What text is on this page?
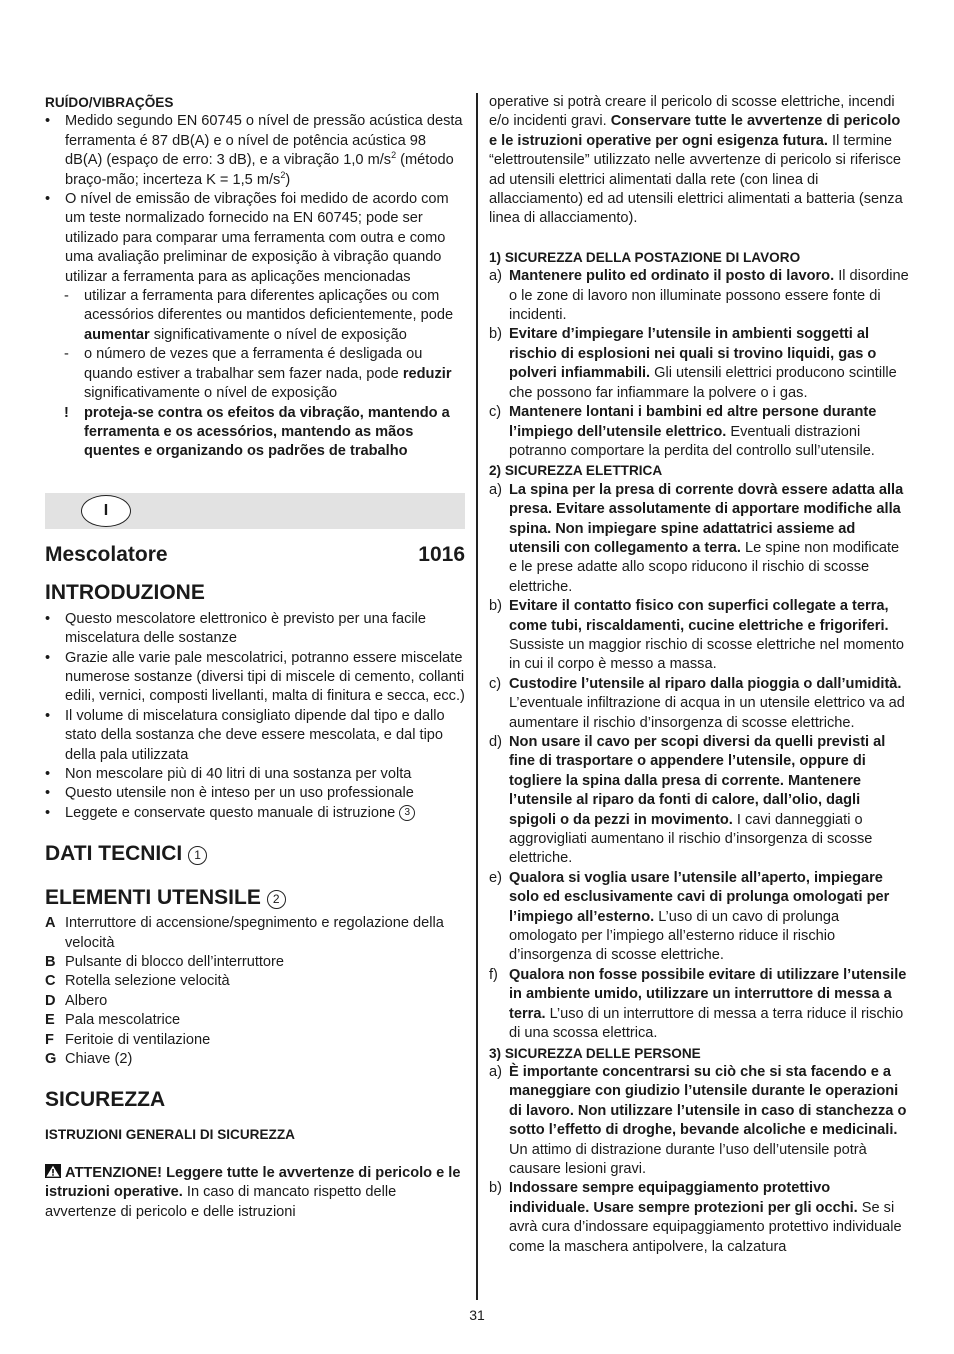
RUÍDO/VIBRAÇÕES

• Medido segundo EN 60745 o nível de pressão acústica desta ferramenta é 87 dB(A) e o nível de potência acústica 98 dB(A) (espaço de erro: 3 dB), e a vibração 1,0 $m/s^2$ (método braço-mão; incerteza K = 1,5 $m/s^2$)
• O nível de emissão de vibrações foi medido de acordo com um teste normalizado fornecido na EN 60745; pode ser utilizado para comparar uma ferramenta com outra e como uma avaliação preliminar de exposição à vibração quando utilizar a ferramenta para as aplicações mencionadas
- utilizar a ferramenta para diferentes aplicações ou com acessórios diferentes ou mantidos deficientemente, pode aumentar significativamente o nível de exposição
- o número de vezes que a ferramenta é desligada ou quando estiver a trabalhar sem fazer nada, pode reduzir significativamente o nível de exposição
! proteja-se contra os efeitos da vibração, mantendo a ferramenta e os acessórios, mantendo as mãos quentes e organizando os padrões de trabalho
I
Mescolatore	1016
INTRODUZIONE
• Questo mescolatore elettronico è previsto per una facile miscelatura delle sostanze
• Grazie alle varie pale mescolatrici, potranno essere miscelate numerose sostanze (diversi tipi di miscele di cemento, collanti edili, vernici, composti livellanti, malta di finitura e secca, ecc.)
• Il volume di miscelatura consigliato dipende dal tipo e dallo stato della sostanza che deve essere mescolata, e dal tipo della pala utilizzata
• Non mescolare più di 40 litri di una sostanza per volta
• Questo utensile non è inteso per un uso professionale
• Leggete e conservate questo manuale di istruzione 3
DATI TECNICI 1
ELEMENTI UTENSILE 2
A Interruttore di accensione/spegnimento e regolazione della velocità
B Pulsante di blocco dell’interruttore
C Rotella selezione velocità
D Albero
E Pala mescolatrice
F Feritoie di ventilazione
G Chiave (2)
SICUREZZA

ISTRUZIONI GENERALI DI SICUREZZA

ATTENZIONE! Leggere tutte le avvertenze di pericolo e le istruzioni operative. In caso di mancato rispetto delle avvertenze di pericolo e delle istruzioni

operative si potrà creare il pericolo di scosse elettriche, incendi e/o incidenti gravi. Conservare tutte le avvertenze di pericolo e le istruzioni operative per ogni esigenza futura. Il termine “elettroutensile” utilizzato nelle avvertenze di pericolo si riferisce ad utensili elettrici alimentati dalla rete (con linea di allacciamento) ed ad utensili elettrici alimentati a batteria (senza linea di allacciamento).

1) SICUREZZA DELLA POSTAZIONE DI LAVORO

a) Mantenere pulito ed ordinato il posto di lavoro. Il disordine o le zone di lavoro non illuminate possono essere fonte di incidenti.
b) Evitare d’impiegare l’utensile in ambienti soggetti al rischio di esplosioni nei quali si trovino liquidi, gas o polveri infiammabili. Gli utensili elettrici producono scintille che possono far infiammare la polvere o i gas.
c) Mantenere lontani i bambini ed altre persone durante l’impiego dell’utensile elettrico. Eventuali distrazioni potranno comportare la perdita del controllo sull’utensile.

2) SICUREZZA ELETTRICA

a) La spina per la presa di corrente dovrà essere adatta alla presa. Evitare assolutamente di apportare modifiche alla spina. Non impiegare spine adattatrici assieme ad utensili con collegamento a terra. Le spine non modificate e le prese adatte allo scopo riducono il rischio di scosse elettriche.
b) Evitare il contatto fisico con superfici collegate a terra, come tubi, riscaldamenti, cucine elettriche e frigoriferi. Sussiste un maggior rischio di scosse elettriche nel momento in cui il corpo è messo a massa.
c) Custodire l’utensile al riparo dalla pioggia o dall’umidità. L’eventuale infiltrazione di acqua in un utensile elettrico va ad aumentare il rischio d’insorgenza di scosse elettriche.
d) Non usare il cavo per scopi diversi da quelli previsti al fine di trasportare o appendere l’utensile, oppure di togliere la spina dalla presa di corrente. Mantenere l’utensile al riparo da fonti di calore, dall’olio, dagli spigoli o da pezzi in movimento. I cavi danneggiati o aggrovigliati aumentano il rischio d’insorgenza di scosse elettriche.
e) Qualora si voglia usare l’utensile all’aperto, impiegare solo ed esclusivamente cavi di prolunga omologati per l’impiego all’esterno. L’uso di un cavo di prolunga omologato per l’impiego all’esterno riduce il rischio d’insorgenza di scosse elettriche.
f) Qualora non fosse possibile evitare di utilizzare l’utensile in ambiente umido, utilizzare un interruttore di messa a terra. L’uso di un interruttore di messa a terra riduce il rischio di una scossa elettrica.

3) SICUREZZA DELLE PERSONE

a) È importante concentrarsi su ciò che si sta facendo e a maneggiare con giudizio l’utensile durante le operazioni di lavoro. Non utilizzare l’utensile in caso di stanchezza o sotto l’effetto di droghe, bevande alcoliche e medicinali. Un attimo di distrazione durante l’uso dell’utensile potrà causare lesioni gravi.
b) Indossare sempre equipaggiamento protettivo individuale. Usare sempre protezioni per gli occhi. Se si avrà cura d’indossare equipaggiamento protettivo individuale come la maschera antipolvere, la calzatura
31
